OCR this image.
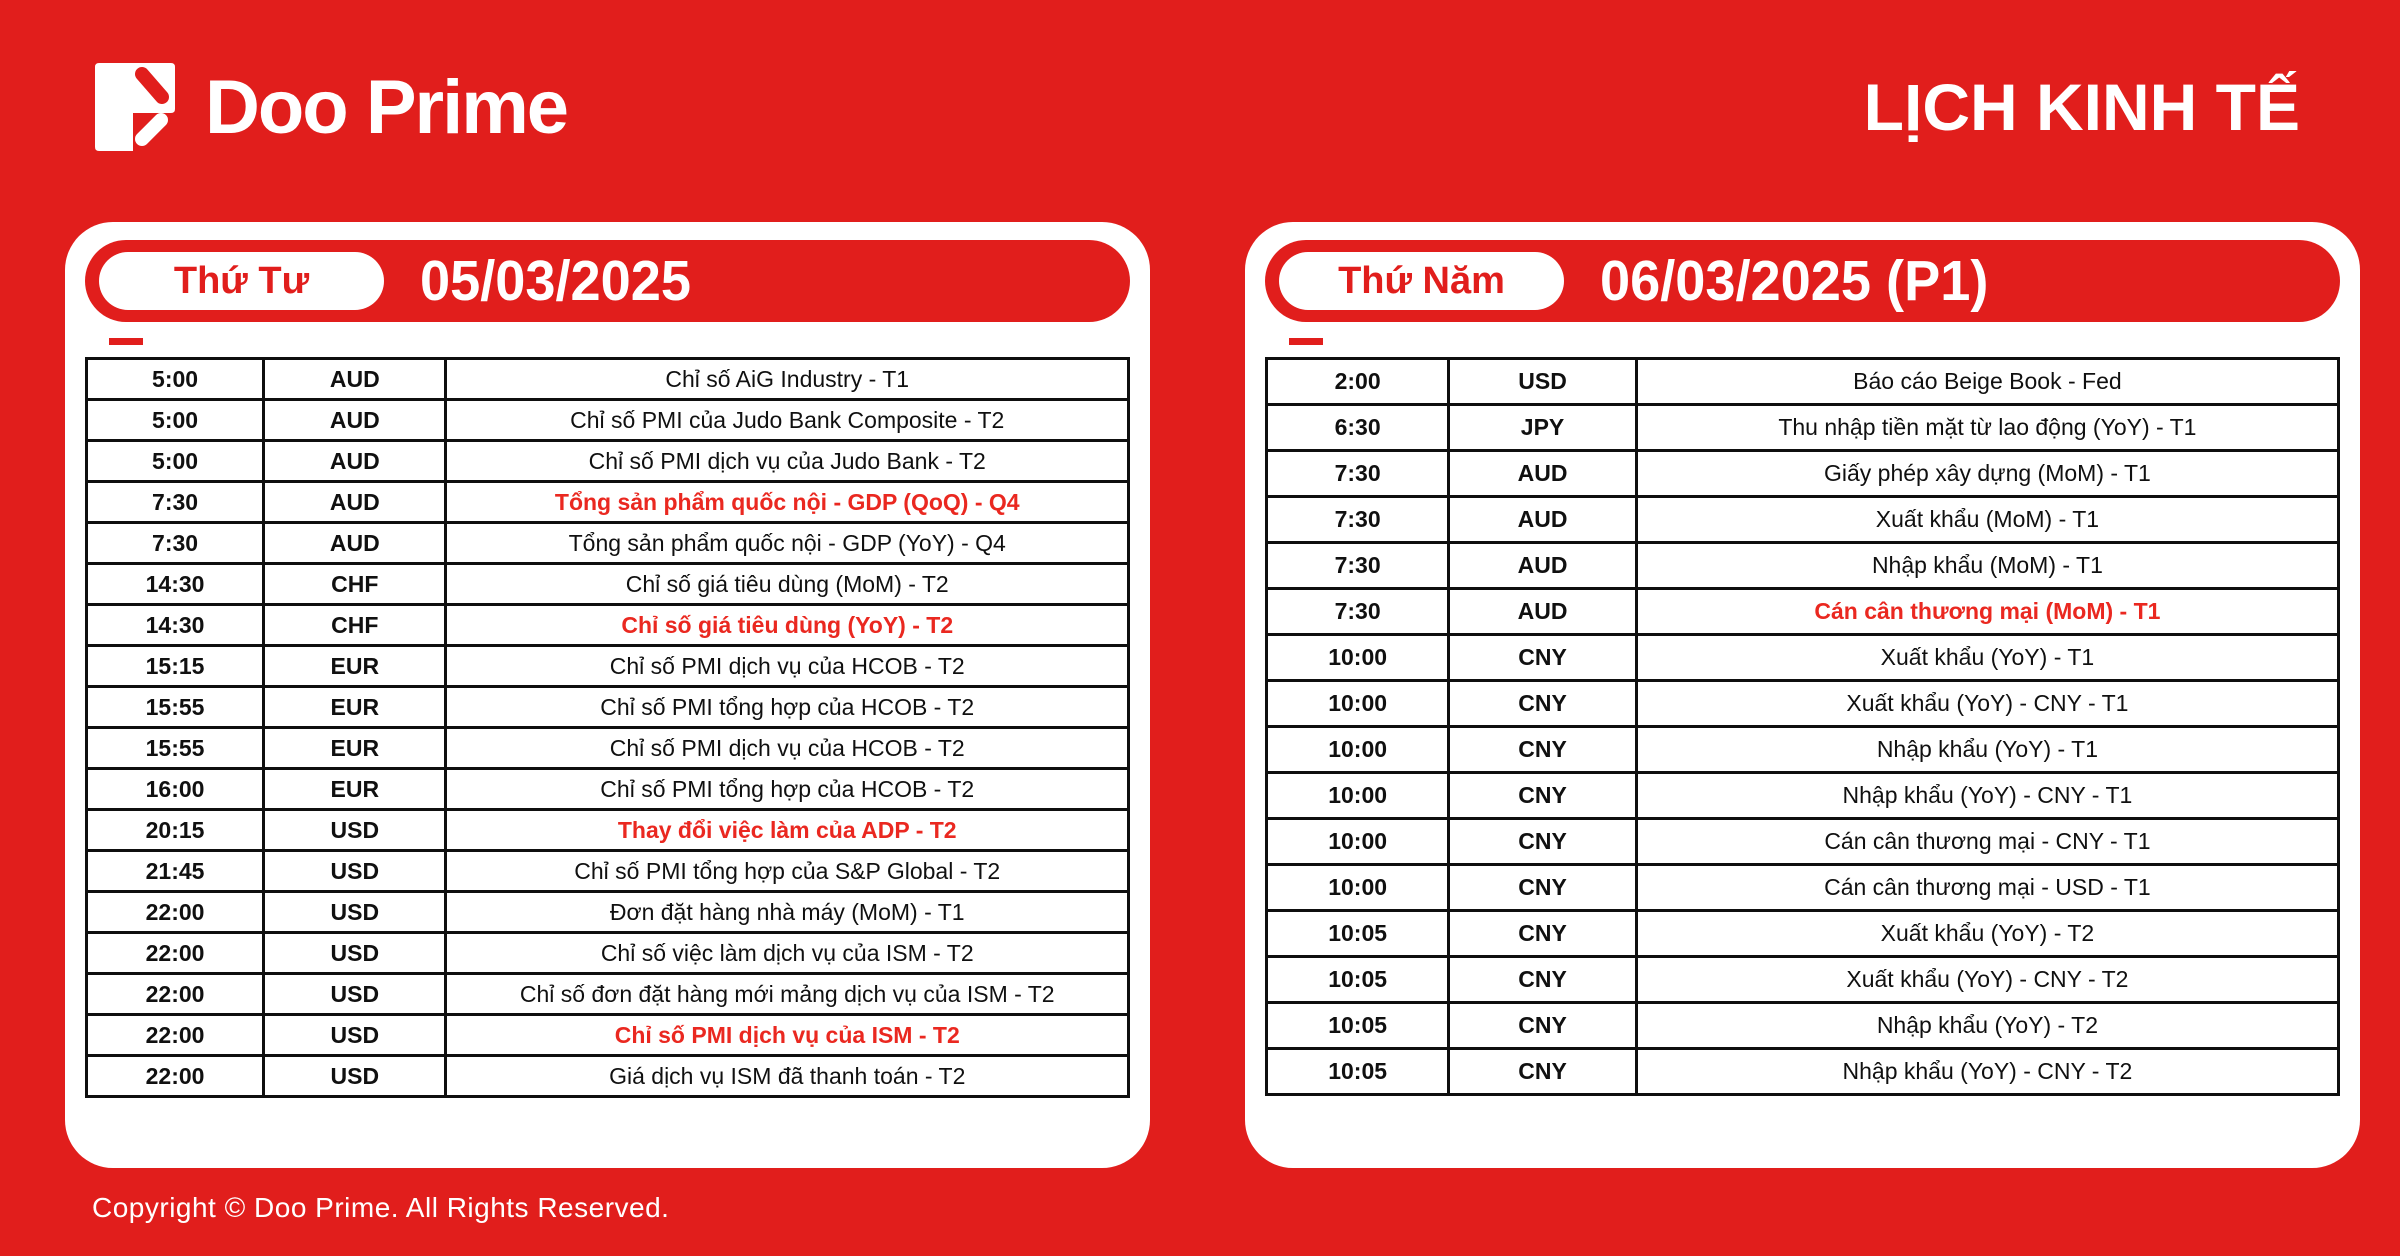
Doo Prime	LỊCH KINH TẾ
Thứ Tư 05/03/2025
5:00	AUD	Chỉ số AiG Industry - T1
5:00	AUD	Chỉ số PMI của Judo Bank Composite - T2
5:00	AUD	Chỉ số PMI dịch vụ của Judo Bank - T2
7:30	AUD	Tổng sản phẩm quốc nội - GDP (QoQ) - Q4
7:30	AUD	Tổng sản phẩm quốc nội - GDP (YoY) - Q4
14:30	CHF	Chỉ số giá tiêu dùng (MoM) - T2
14:30	CHF	Chỉ số giá tiêu dùng (YoY) - T2
15:15	EUR	Chỉ số PMI dịch vụ của HCOB - T2
15:55	EUR	Chỉ số PMI tổng hợp của HCOB - T2
15:55	EUR	Chỉ số PMI dịch vụ của HCOB - T2
16:00	EUR	Chỉ số PMI tổng hợp của HCOB - T2
20:15	USD	Thay đổi việc làm của ADP - T2
21:45	USD	Chỉ số PMI tổng hợp của S&P Global - T2
22:00	USD	Đơn đặt hàng nhà máy (MoM) - T1
22:00	USD	Chỉ số việc làm dịch vụ của ISM - T2
22:00	USD	Chỉ số đơn đặt hàng mới mảng dịch vụ của ISM - T2
22:00	USD	Chỉ số PMI dịch vụ của ISM - T2
22:00	USD	Giá dịch vụ ISM đã thanh toán - T2
Thứ Năm 06/03/2025 (P1)
2:00	USD	Báo cáo Beige Book - Fed
6:30	JPY	Thu nhập tiền mặt từ lao động (YoY) - T1
7:30	AUD	Giấy phép xây dựng (MoM) - T1
7:30	AUD	Xuất khẩu (MoM) - T1
7:30	AUD	Nhập khẩu (MoM) - T1
7:30	AUD	Cán cân thương mại (MoM) - T1
10:00	CNY	Xuất khẩu (YoY) - T1
10:00	CNY	Xuất khẩu (YoY) - CNY - T1
10:00	CNY	Nhập khẩu (YoY) - T1
10:00	CNY	Nhập khẩu (YoY) - CNY - T1
10:00	CNY	Cán cân thương mại - CNY - T1
10:00	CNY	Cán cân thương mại - USD - T1
10:05	CNY	Xuất khẩu (YoY) - T2
10:05	CNY	Xuất khẩu (YoY) - CNY - T2
10:05	CNY	Nhập khẩu (YoY) - T2
10:05	CNY	Nhập khẩu (YoY) - CNY - T2
Copyright © Doo Prime. All Rights Reserved.
